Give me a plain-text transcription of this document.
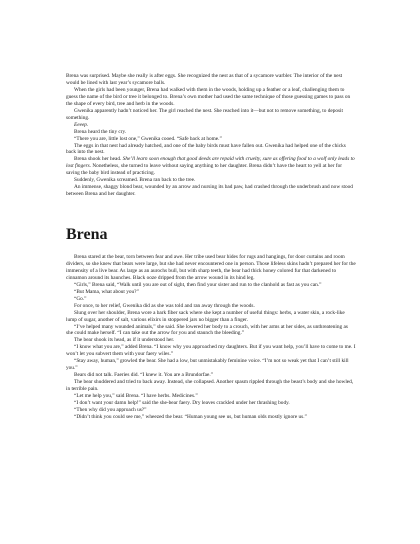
Brena was surprised. Maybe she really is after eggs. She recognized the nest as that of a sycamore warbler. The interior of the nest would be lined with last year’s sycamore balls.

When the girls had been younger, Brena had walked with them in the woods, holding up a feather or a leaf, challenging them to guess the name of the bird or tree it belonged to. Brena’s own mother had used the same technique of those guessing games to pass on the shape of every bird, tree and herb in the woods.

Gwenika apparently hadn’t noticed her. The girl reached the nest. She reached into it—but not to remove something, to deposit something.

Eeeep.

Brena heard the tiny cry.

“There you are, little lost one,” Gwenika cooed. “Safe back at home.”

The eggs in that nest had already hatched, and one of the baby birds must have fallen out. Gwenika had helped one of the chicks back into the nest.

Brena shook her head. She’ll learn soon enough that good deeds are repaid with cruelty, sure as offering food to a wolf only leads to lost fingers. Nonetheless, she turned to leave without saying anything to her daughter. Brena didn’t have the heart to yell at her for saving the baby bird instead of practicing.

Suddenly, Gwenika screamed. Brena ran back to the tree.

An immense, shaggy blond bear, wounded by an arrow and nursing its bad paw, had crashed through the underbrush and now stood between Brena and her daughter.

Brena

Brena stared at the bear, torn between fear and awe. Her tribe used bear hides for rugs and hangings, for door curtains and room dividers, so she knew that bears were large, but she had never encountered one in person. Those lifeless skins hadn’t prepared her for the immensity of a live bear. As large as an aurochs bull, but with sharp teeth, the bear had thick honey colored fur that darkened to cinnamon around its haunches. Black ooze dripped from the arrow wound in its hind leg.

“Girls,” Brena said, “Walk until you are out of sight, then find your sister and run to the clanhold as fast as you can.”

“But Mama, what about you?”

“Go.”

For once, to her relief, Gwenika did as she was told and ran away through the woods.

Slung over her shoulder, Brena wore a bark fiber sack where she kept a number of useful things: herbs, a water skin, a rock-like lump of sugar, another of salt, various elixirs in stoppered jars no bigger than a finger.

“I’ve helped many wounded animals,” she said. She lowered her body to a crouch, with her arms at her sides, as unthreatening as she could make herself. “I can take out the arrow for you and staunch the bleeding.”

The bear shook its head, as if it understood her.

“I know what you are,” added Brena. “I know why you approached my daughters. But if you want help, you’ll have to come to me. I won’t let you subvert them with your faery wiles.”

“Stay away, human,” growled the bear. She had a low, but unmistakably feminine voice. “I’m not so weak yet that I can’t still kill you.”

Bears did not talk. Faeries did. “I knew it. You are a Brundorfae.”

The bear shuddered and tried to back away. Instead, she collapsed. Another spasm rippled through the beast’s body and she howled, in terrible pain.

“Let me help you,” said Brena. “I have herbs. Medicines.”

“I don’t want your damn help!” said the she-bear faery. Dry leaves crackled under her thrashing body.

“Then why did you approach us?”

“Didn’t think you could see me,” wheezed the bear. “Human young see us, but human olds mostly ignore us.”
